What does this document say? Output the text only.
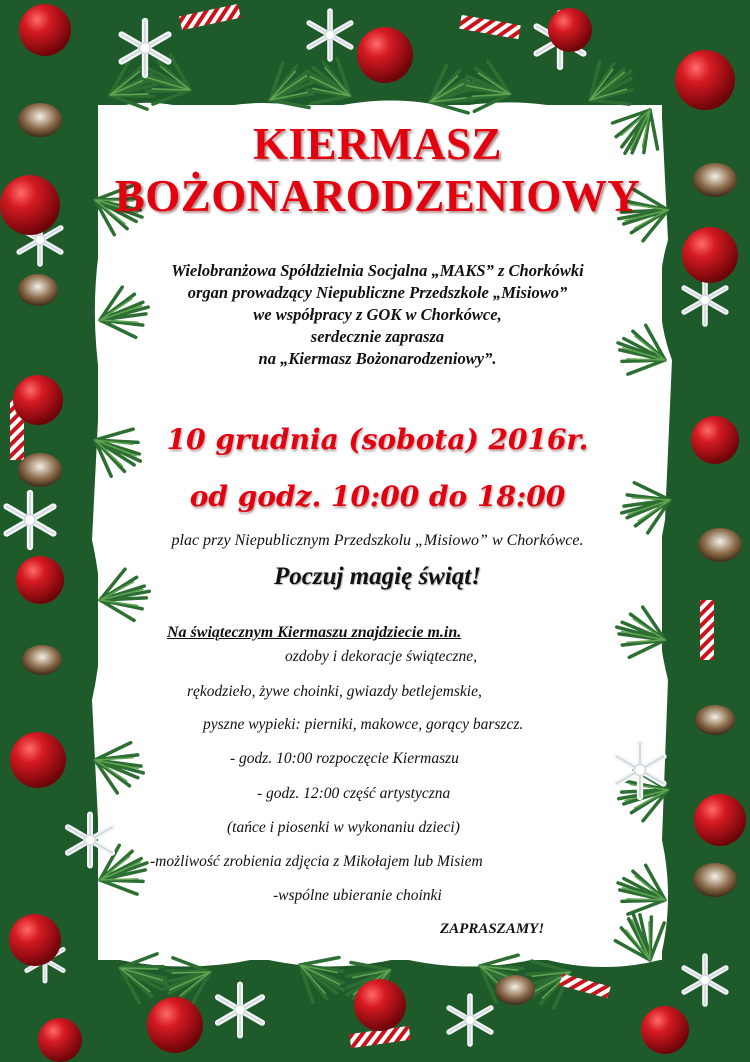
KIERMASZ
BOŻONARODZENIOWY
Wielobranżowa Spółdzielnia Socjalna „MAKS” z Chorkówki
organ prowadzący Niepubliczne Przedszkole „Misiowo”
we współpracy z GOK w Chorkówce,
serdecznie zaprasza
na „Kiermasz Bożonarodzeniowy”.
10 grudnia (sobota) 2016r.
od godz. 10:00 do 18:00
plac przy Niepublicznym Przedszkolu „Misiowo” w Chorkówce.
Poczuj magię świąt!
Na świątecznym Kiermaszu znajdziecie m.in.
ozdoby i dekoracje świąteczne,
rękodzieło, żywe choinki, gwiazdy betlejemskie,
pyszne wypieki: pierniki, makowce, gorący barszcz.
- godz. 10:00 rozpoczęcie Kiermaszu
- godz. 12:00 część artystyczna
(tańce i piosenki w wykonaniu dzieci)
-możliwość zrobienia zdjęcia z Mikołajem lub Misiem
-wspólne ubieranie choinki
ZAPRASZAMY!
